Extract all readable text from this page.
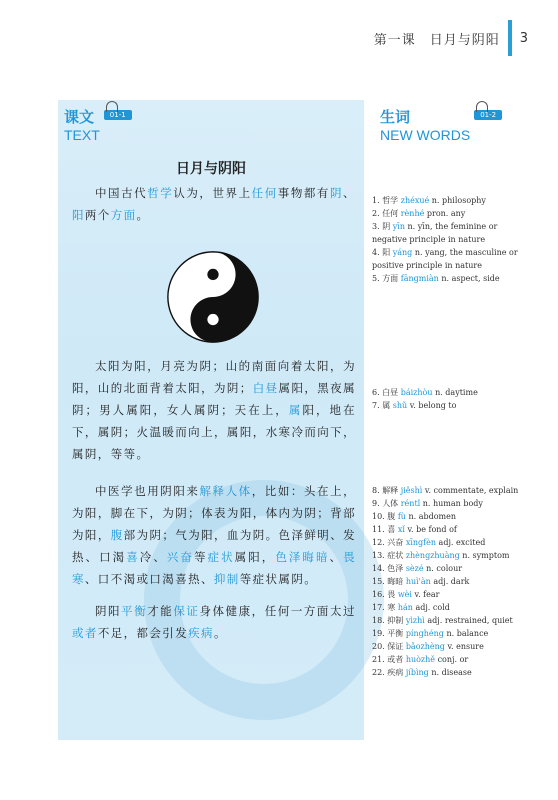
第一课　日月与阴阳 3
课文
TEXT
01-1	生词
NEW WORDS
01-2
日月与阴阳
中国古代哲学认为，世界上任何事物都有阴、阳两个方面。
太阳为阳，月亮为阴；山的南面向着太阳，为阳，山的北面背着太阳，为阴；白昼属阳，黑夜属阴；男人属阳，女人属阴；天在上，属阳，地在下，属阴；火温暖而向上，属阳，水寒冷而向下，属阴，等等。
中医学也用阴阳来解释人体，比如：头在上，为阳，脚在下，为阴；体表为阳，体内为阴；背部为阳，腹部为阴；气为阳，血为阴。色泽鲜明、发热、口渴喜冷、兴奋等症状属阳，色泽晦暗、畏寒、口不渴或口渴喜热、抑制等症状属阴。
阴阳平衡才能保证身体健康，任何一方面太过或者不足，都会引发疾病。
1. 哲学 zhéxué n. philosophy
2. 任何 rènhé pron. any
3. 阴 yīn n. yīn, the feminine or negative principle in nature
4. 阳 yáng n. yang, the masculine or positive principle in nature
5. 方面 fāngmiàn n. aspect, side
6. 白昼 báizhòu n. daytime
7. 属 shǔ v. belong to
8. 解释 jiěshì v. commentate, explain
9. 人体 réntǐ n. human body
10. 腹 fù n. abdomen
11. 喜 xǐ v. be fond of
12. 兴奋 xīngfèn adj. excited
13. 症状 zhèngzhuàng n. symptom
14. 色泽 sèzé n. colour
15. 晦暗 huì'àn adj. dark
16. 畏 wèi v. fear
17. 寒 hán adj. cold
18. 抑制 yìzhì adj. restrained, quiet
19. 平衡 pínghéng n. balance
20. 保证 bǎozhèng v. ensure
21. 或者 huòzhě conj. or
22. 疾病 jíbìng n. disease
